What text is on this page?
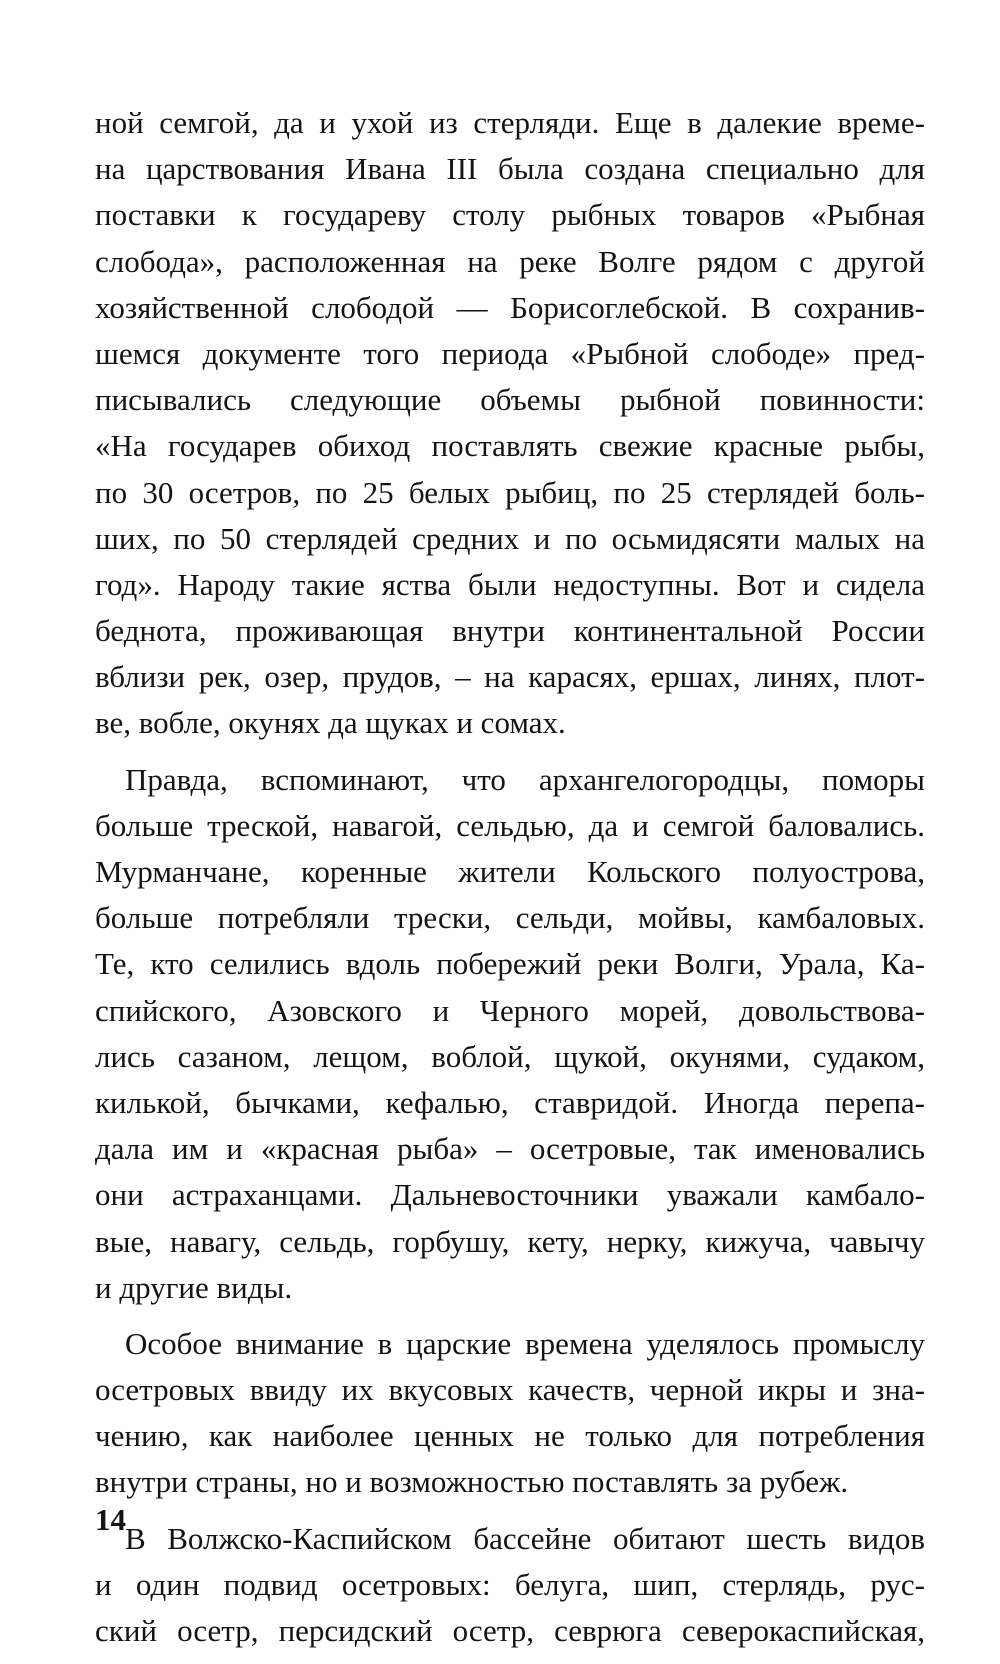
ной семгой, да и ухой из стерляди. Еще в далекие време-
на царствования Ивана III была создана специально для
поставки к государеву столу рыбных товаров «Рыбная
слобода», расположенная на реке Волге рядом с другой
хозяйственной слободой — Борисоглебской. В сохранив-
шемся документе того периода «Рыбной слободе» пред-
писывались следующие объемы рыбной повинности:
«На государев обиход поставлять свежие красные рыбы,
по 30 осетров, по 25 белых рыбиц, по 25 стерлядей боль-
ших, по 50 стерлядей средних и по осьмидясяти малых на
год». Народу такие яства были недоступны. Вот и сидела
беднота, проживающая внутри континентальной России
вблизи рек, озер, прудов, – на карасях, ершах, линях, плот-
ве, вобле, окунях да щуках и сомах.
Правда, вспоминают, что архангелогородцы, поморы
больше треской, навагой, сельдью, да и семгой баловались.
Мурманчане, коренные жители Кольского полуострова,
больше потребляли трески, сельди, мойвы, камбаловых.
Те, кто селились вдоль побережий реки Волги, Урала, Ка-
спийского, Азовского и Черного морей, довольствова-
лись сазаном, лещом, воблой, щукой, окунями, судаком,
килькой, бычками, кефалью, ставридой. Иногда перепа-
дала им и «красная рыба» – осетровые, так именовались
они астраханцами. Дальневосточники уважали камбало-
вые, навагу, сельдь, горбушу, кету, нерку, кижуча, чавычу
и другие виды.
Особое внимание в царские времена уделялось промыслу
осетровых ввиду их вкусовых качеств, черной икры и зна-
чению, как наиболее ценных не только для потребления
внутри страны, но и возможностью поставлять за рубеж.
В Волжско-Каспийском бассейне обитают шесть видов
и один подвид осетровых: белуга, шип, стерлядь, рус-
ский осетр, персидский осетр, севрюга северокаспийская,
14
